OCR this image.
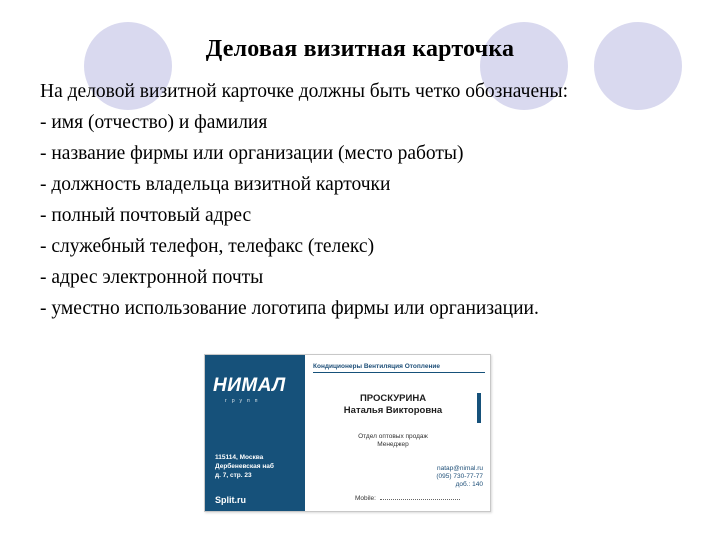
Деловая визитная карточка
На деловой визитной карточке должны быть четко обозначены:
- имя (отчество) и фамилия
- название фирмы или организации (место работы)
- должность владельца визитной карточки
- полный почтовый адрес
- служебный телефон, телефакс (телекс)
- адрес электронной почты
- уместно использование логотипа фирмы или организации.
НИМАЛ
групп
115114, Москва
Дербеневская наб
д. 7, стр. 23
Split.ru
Кондиционеры Вентиляция Отопление
ПРОСКУРИНА
Наталья Викторовна
Отдел оптовых продаж
Менеджер
natap@nimal.ru
(095) 730-77-77
доб.: 140
Mobile:
